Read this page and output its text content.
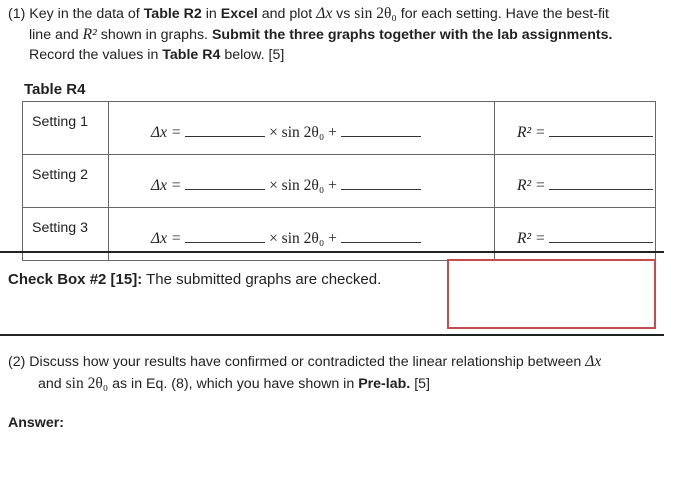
(1) Key in the data of Table R2 in Excel and plot Δx vs sin 2θ₀ for each setting. Have the best-fit
line and R² shown in graphs. Submit the three graphs together with the lab assignments.
Record the values in Table R4 below. [5]
Table R4
Setting 1	Δx = × sin 2θ₀ +	R² =

Setting 2	Δx = × sin 2θ₀ +	R² =

Setting 3	Δx = × sin 2θ₀ +	R² =
Check Box #2 [15]: The submitted graphs are checked.
(2) Discuss how your results have confirmed or contradicted the linear relationship between Δx
and sin 2θ₀ as in Eq. (8), which you have shown in Pre-lab. [5]
Answer:
